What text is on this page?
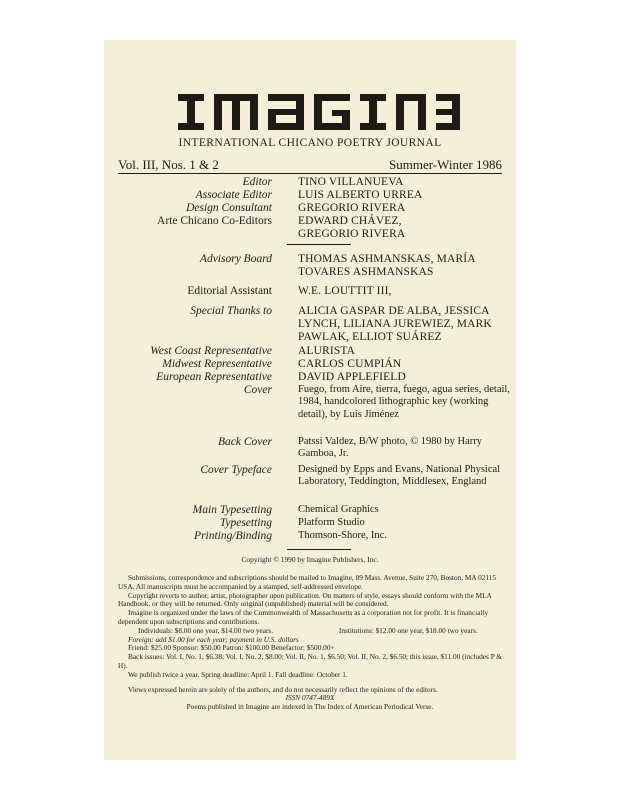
INTERNATIONAL CHICANO POETRY JOURNAL
Vol. III, Nos. 1 & 2	Summer-Winter 1986
Editor TINO VILLANUEVA
Associate Editor LUIS ALBERTO URREA
Design Consultant GREGORIO RIVERA
Arte Chicano Co-Editors EDWARD CHÁVEZ,
GREGORIO RIVERA
Advisory Board THOMAS ASHMANSKAS, MARÍA TOVARES ASHMANSKAS
Editorial Assistant W.E. LOUTTIT III,
Special Thanks to ALICIA GASPAR DE ALBA, JESSICA LYNCH, LILIANA JUREWIEZ, MARK PAWLAK, ELLIOT SUÁREZ
West Coast Representative ALURISTA
Midwest Representative CARLOS CUMPIÁN
European Representative DAVID APPLEFIELD
Cover Fuego, from Aire, tierra, fuego, agua series, detail, 1984, handcolored lithographic key (working detail), by Luis Jiménez
Back Cover Patssi Valdez, B/W photo, © 1980 by Harry Gamboa, Jr.
Cover Typeface Designed by Epps and Evans, National Physical Laboratory, Teddington, Middlesex, England
Main Typesetting Chemical Graphics
Typesetting Platform Studio
Printing/Binding Thomson-Shore, Inc.
Copyright © 1990 by Imagine Publishers, Inc.

Submissions, correspondence and subscriptions should be mailed to Imagine, 89 Mass. Avenue, Suite 270, Boston, MA 02115 USA. All manuscripts must be accompanied by a stamped, self-addressed envelope.

Copyright reverts to author, artist, photographer upon publication. On matters of style, essays should conform with the MLA Handbook, or they will be returned. Only original (unpublished) material will be considered.

Imagine is organized under the laws of the Commonwealth of Massachusetts as a corporation not for profit. It is financially dependent upon subscriptions and contributions.

Individuals: $8.00 one year, $14.00 two years.	Institutions: $12.00 one year, $18.00 two years.

Foreign: add $1.00 for each year; payment in U.S. dollars

Friend: $25.00 Sponsor: $50.00 Patron: $100.00 Benefactor: $500.00+

Back issues: Vol. I, No. 1, $6.38; Vol. I, No. 2, $8.00; Vol. II, No. 1, $6.50; Vol. II, No. 2, $6.50; this issue, $11.00 (includes P & H).

We publish twice a year. Spring deadline: April 1. Fall deadline: October 1.

Views expressed herein are solely of the authors, and do not necessarily reflect the opinions of the editors.

ISSN 0747-489X

Poems published in Imagine are indexed in The Index of American Periodical Verse.
